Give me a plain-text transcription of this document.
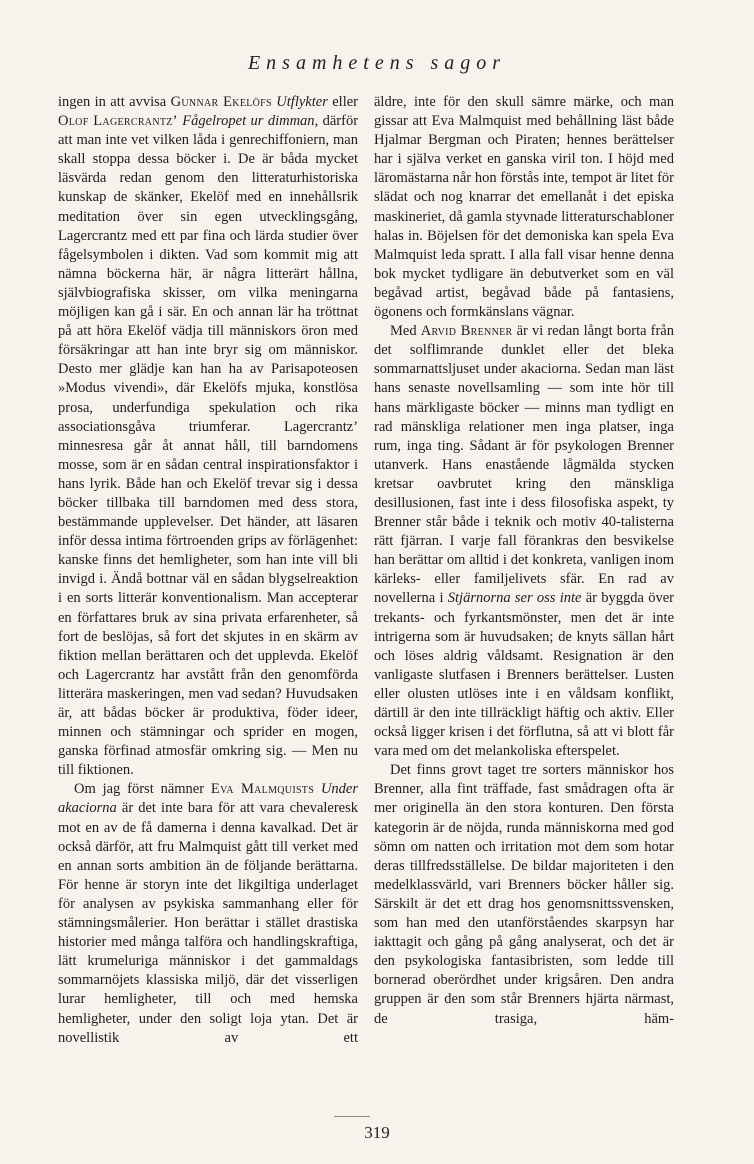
Ensamhetens sagor

ingen in att avvisa Gunnar Ekelöfs Utflykter eller Olof Lagercrantz’ Fågelropet ur dimman, därför att man inte vet vilken låda i genrechiffoniern, man skall stoppa dessa böcker i. De är båda mycket läsvärda redan genom den litteraturhistoriska kunskap de skänker, Ekelöf med en innehållsrik meditation över sin egen utvecklingsgång, Lagercrantz med ett par fina och lärda studier över fågelsymbolen i dikten. Vad som kommit mig att nämna böckerna här, är några litterärt hållna, självbiografiska skisser, om vilka meningarna möjligen kan gå i sär. En och annan lär ha tröttnat på att höra Ekelöf vädja till människors öron med försäkringar att han inte bryr sig om människor. Desto mer glädje kan han ha av Parisapoteosen »Modus vivendi», där Ekelöfs mjuka, konstlösa prosa, underfundiga spekulation och rika associationsgåva triumferar. Lagercrantz’ minnesresa går åt annat håll, till barndomens mosse, som är en sådan central inspirationsfaktor i hans lyrik. Både han och Ekelöf trevar sig i dessa böcker tillbaka till barndomen med dess stora, bestämmande upplevelser. Det händer, att läsaren inför dessa intima förtroenden grips av förlägenhet: kanske finns det hemligheter, som han inte vill bli invigd i. Ändå bottnar väl en sådan blygselreaktion i en sorts litterär konventionalism. Man accepterar en författares bruk av sina privata erfarenheter, så fort de beslöjas, så fort det skjutes in en skärm av fiktion mellan berättaren och det upplevda. Ekelöf och Lagercrantz har avstått från den genomförda litterära maskeringen, men vad sedan? Huvudsaken är, att bådas böcker är produktiva, föder ideer, minnen och stämningar och sprider en mogen, ganska förfinad atmosfär omkring sig. — Men nu till fiktionen.

Om jag först nämner Eva Malmquists Under akaciorna är det inte bara för att vara chevaleresk mot en av de få damerna i denna kavalkad. Det är också därför, att fru Malmquist gått till verket med en annan sorts ambition än de följande berättarna. För henne är storyn inte det likgiltiga underlaget för analysen av psykiska sammanhang eller för stämningsmålerier. Hon berättar i stället drastiska historier med många talföra och handlingskraftiga, lätt krumeluriga människor i det gammaldags sommarnöjets klassiska miljö, där det visserligen lurar hemligheter, till och med hemska hemligheter, under den soligt loja ytan. Det är novellistik av ett

äldre, inte för den skull sämre märke, och man gissar att Eva Malmquist med behållning läst både Hjalmar Bergman och Piraten; hennes berättelser har i själva verket en ganska viril ton. I höjd med läromästarna når hon förstås inte, tempot är litet för slädat och nog knarrar det emellanåt i det episka maskineriet, då gamla styvnade litteraturschabloner halas in. Böjelsen för det demoniska kan spela Eva Malmquist leda spratt. I alla fall visar henne denna bok mycket tydligare än debutverket som en väl begåvad artist, begåvad både på fantasiens, ögonens och formkänslans vägnar.

Med Arvid Brenner är vi redan långt borta från det solflimrande dunklet eller det bleka sommarnattsljuset under akaciorna. Sedan man läst hans senaste novellsamling — som inte hör till hans märkligaste böcker — minns man tydligt en rad mänskliga relationer men inga platser, inga rum, inga ting. Sådant är för psykologen Brenner utanverk. Hans enastående lågmälda stycken kretsar oavbrutet kring den mänskliga desillusionen, fast inte i dess filosofiska aspekt, ty Brenner står både i teknik och motiv 40-talisterna rätt fjärran. I varje fall förankras den besvikelse han berättar om alltid i det konkreta, vanligen inom kärleks- eller familjelivets sfär. En rad av novellerna i Stjärnorna ser oss inte är byggda över trekants- och fyrkantsmönster, men det är inte intrigerna som är huvudsaken; de knyts sällan hårt och löses aldrig våldsamt. Resignation är den vanligaste slutfasen i Brenners berättelser. Lusten eller olusten utlöses inte i en våldsam konflikt, därtill är den inte tillräckligt häftig och aktiv. Eller också ligger krisen i det förflutna, så att vi blott får vara med om det melankoliska efterspelet.

Det finns grovt taget tre sorters människor hos Brenner, alla fint träffade, fast smådragen ofta är mer originella än den stora konturen. Den första kategorin är de nöjda, runda människorna med god sömn om natten och irritation mot dem som hotar deras tillfredsställelse. De bildar majoriteten i den medelklassvärld, vari Brenners böcker håller sig. Särskilt är det ett drag hos genomsnittssvensken, som han med den utanförståendes skarpsyn har iakttagit och gång på gång analyserat, och det är den psykologiska fantasibristen, som ledde till bornerad oberördhet under krigsåren. Den andra gruppen är den som står Brenners hjärta närmast, de trasiga, häm-

319
